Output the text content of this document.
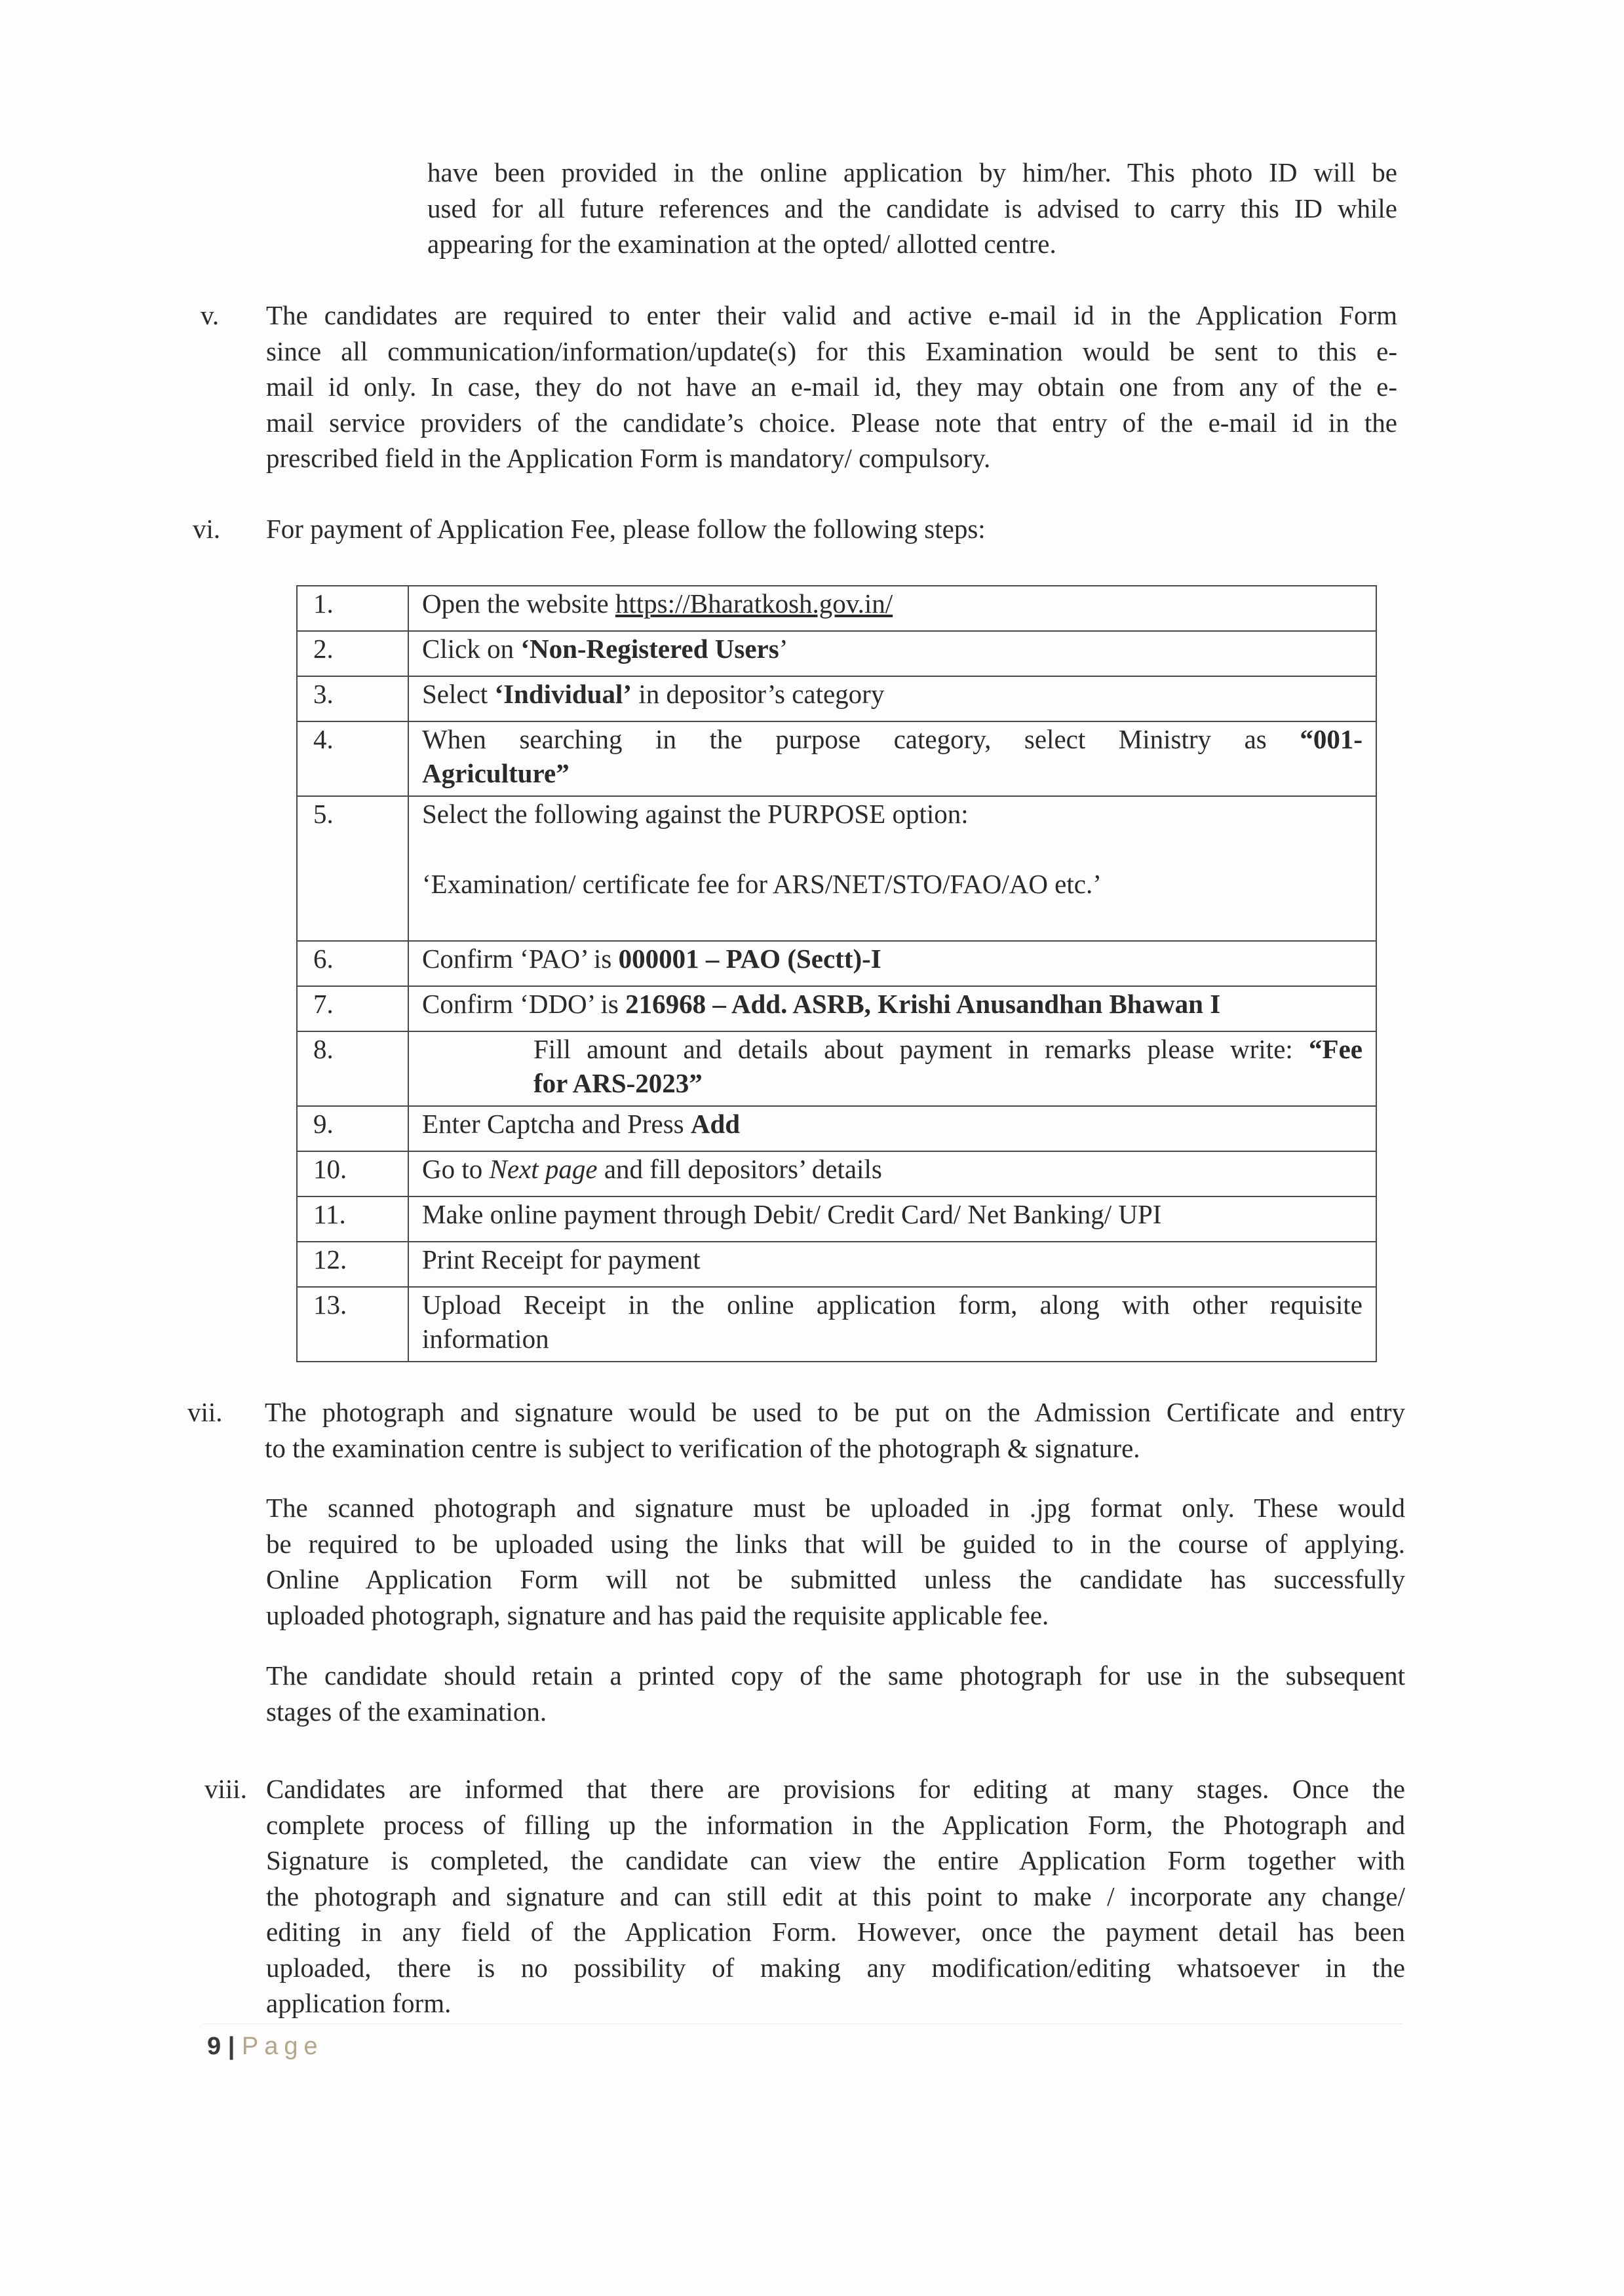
have been provided in the online application by him/her. This photo ID will be
used for all future references and the candidate is advised to carry this ID while
appearing for the examination at the opted/ allotted centre.
v. The candidates are required to enter their valid and active e-mail id in the Application Form
since all communication/information/update(s) for this Examination would be sent to this e-
mail id only. In case, they do not have an e-mail id, they may obtain one from any of the e-
mail service providers of the candidate’s choice. Please note that entry of the e-mail id in the
prescribed field in the Application Form is mandatory/ compulsory.
vi. For payment of Application Fee, please follow the following steps:
1.	Open the website https://Bharatkosh.gov.in/
2.	Click on ‘Non-Registered Users’
3.	Select ‘Individual’ in depositor’s category
4.	When searching in the purpose category, select Ministry as “001-
Agriculture”

5.	Select the following against the PURPOSE option:
‘Examination/ certificate fee for ARS/NET/STO/FAO/AO etc.’

6.	Confirm ‘PAO’ is 000001 – PAO (Sectt)-I
7.	Confirm ‘DDO’ is 216968 – Add. ASRB, Krishi Anusandhan Bhawan I
8.	Fill amount and details about payment in remarks please write: “Fee
for ARS-2023”

9.	Enter Captcha and Press Add
10.	Go to Next page and fill depositors’ details
11.	Make online payment through Debit/ Credit Card/ Net Banking/ UPI
12.	Print Receipt for payment
13.	Upload Receipt in the online application form, along with other requisite
information
vii. The photograph and signature would be used to be put on the Admission Certificate and entry
to the examination centre is subject to verification of the photograph & signature.
The scanned photograph and signature must be uploaded in .jpg format only. These would
be required to be uploaded using the links that will be guided to in the course of applying.
Online Application Form will not be submitted unless the candidate has successfully
uploaded photograph, signature and has paid the requisite applicable fee.
The candidate should retain a printed copy of the same photograph for use in the subsequent
stages of the examination.
viii. Candidates are informed that there are provisions for editing at many stages. Once the
complete process of filling up the information in the Application Form, the Photograph and
Signature is completed, the candidate can view the entire Application Form together with
the photograph and signature and can still edit at this point to make / incorporate any change/
editing in any field of the Application Form. However, once the payment detail has been
uploaded, there is no possibility of making any modification/editing whatsoever in the
application form.
9 | Page
